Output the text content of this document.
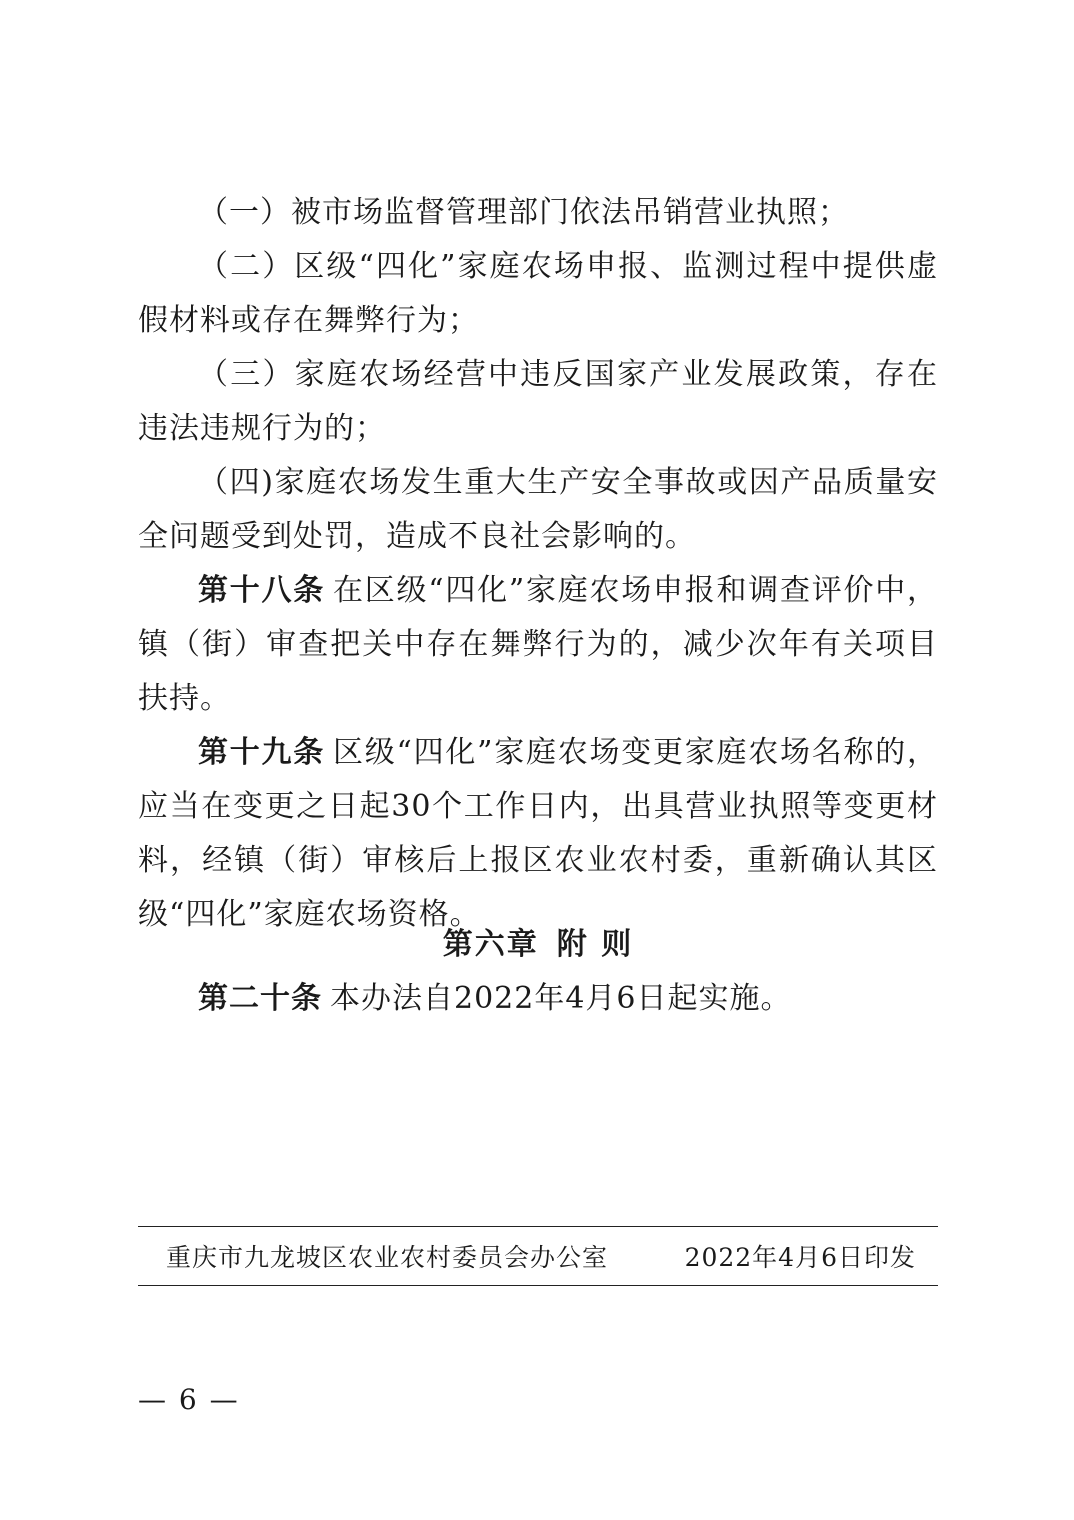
（一）被市场监督管理部门依法吊销营业执照；

（二）区级“四化”家庭农场申报、监测过程中提供虚假材料或存在舞弊行为；

（三）家庭农场经营中违反国家产业发展政策，存在违法违规行为的；

（四)家庭农场发生重大生产安全事故或因产品质量安全问题受到处罚，造成不良社会影响的。

第十八条 在区级“四化”家庭农场申报和调查评价中，镇（街）审查把关中存在舞弊行为的，减少次年有关项目扶持。

第十九条 区级“四化”家庭农场变更家庭农场名称的，应当在变更之日起30个工作日内，出具营业执照等变更材料，经镇（街）审核后上报区农业农村委，重新确认其区级“四化”家庭农场资格。

第六章 附 则

第二十条 本办法自2022年4月6日起实施。

重庆市九龙坡区农业农村委员会办公室	2022年4月6日印发
— 6 —
